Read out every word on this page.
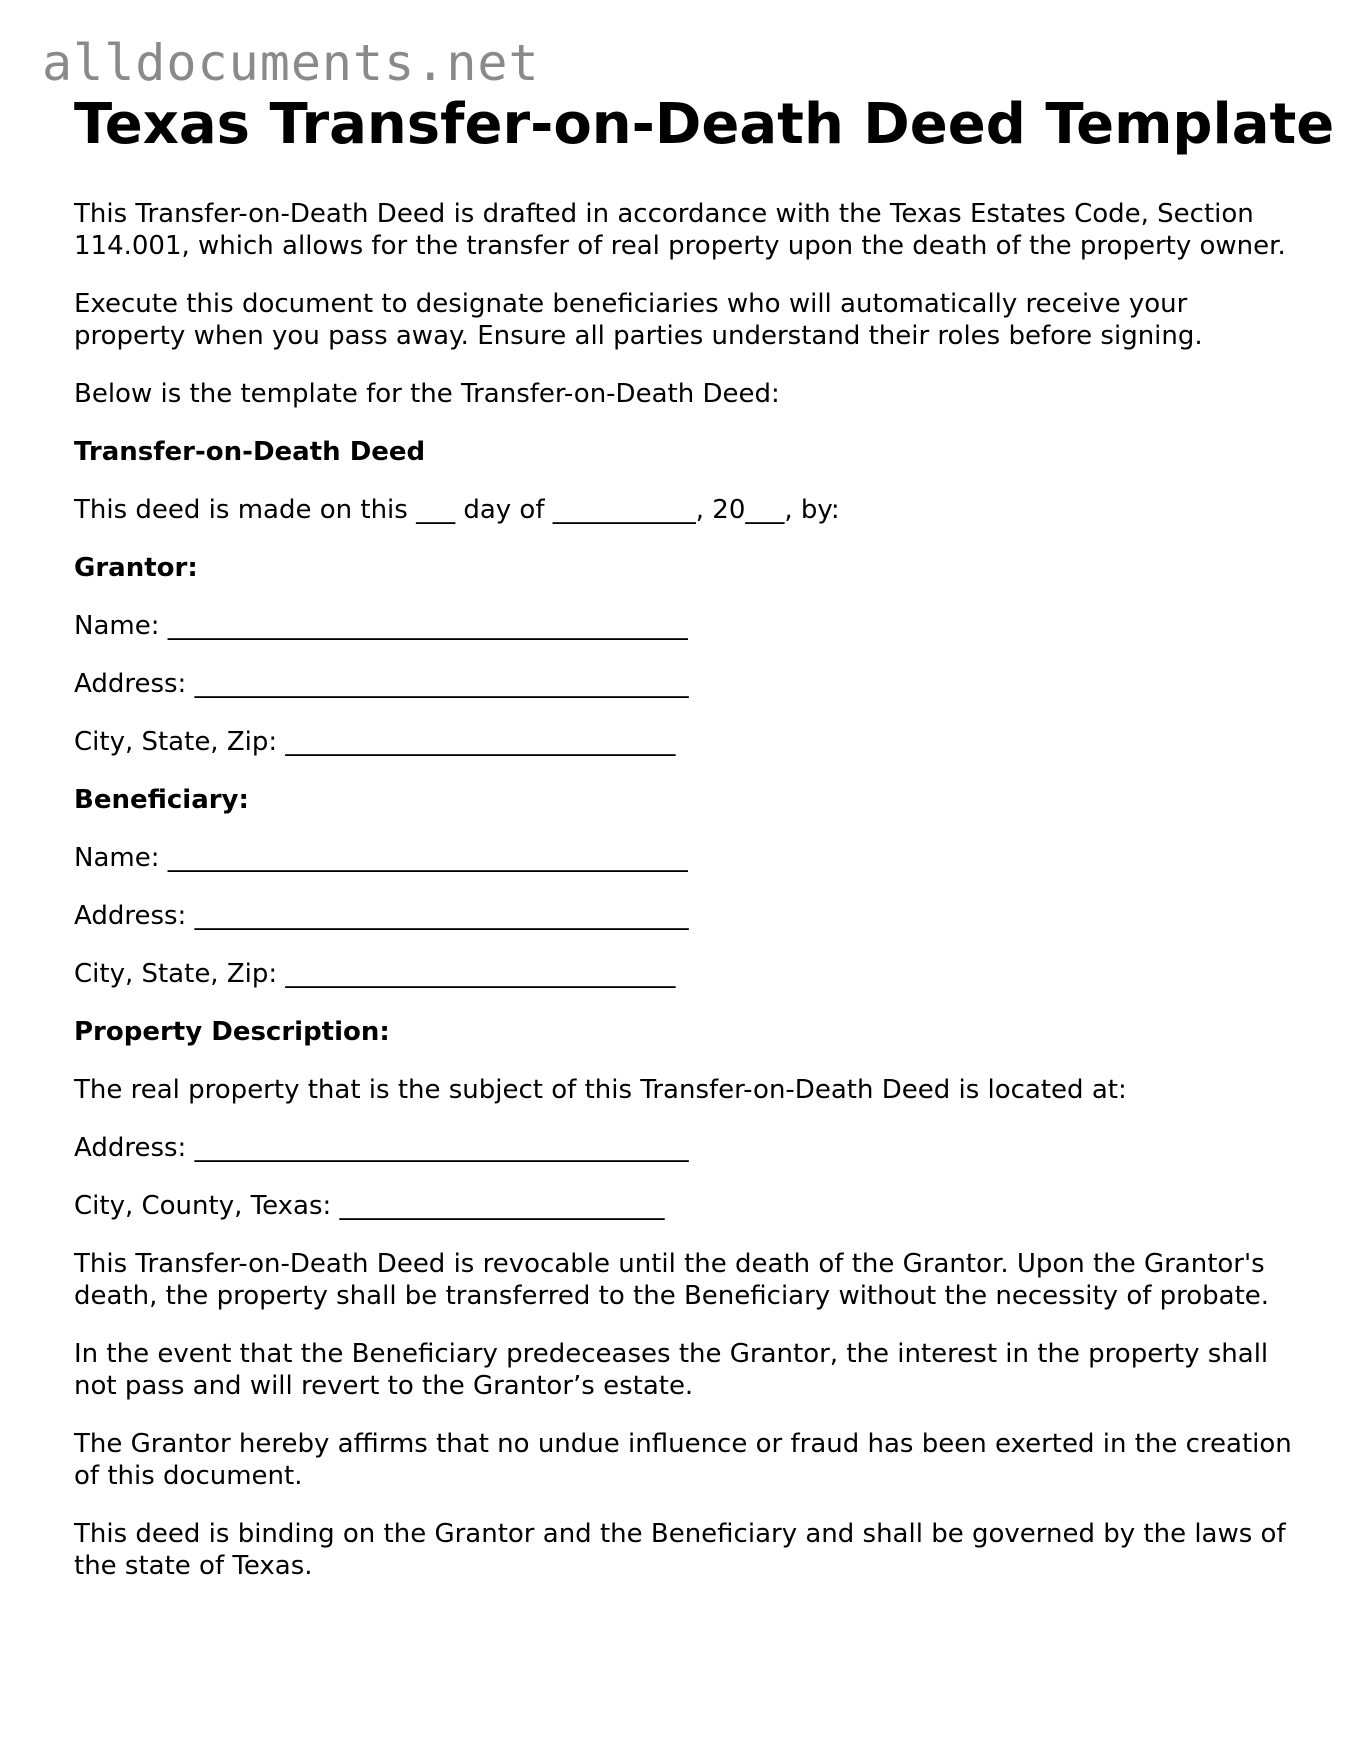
alldocuments.net
Texas Transfer-on-Death Deed Template

This Transfer-on-Death Deed is drafted in accordance with the Texas Estates Code, Section 114.001, which allows for the transfer of real property upon the death of the property owner.

Execute this document to designate beneficiaries who will automatically receive your property when you pass away. Ensure all parties understand their roles before signing.

Below is the template for the Transfer-on-Death Deed:

Transfer-on-Death Deed

This deed is made on this ___ day of ___________, 20___, by:

Grantor:

Name: ________________________________________

Address: ______________________________________

City, State, Zip: ______________________________

Beneficiary:

Name: ________________________________________

Address: ______________________________________

City, State, Zip: ______________________________

Property Description:

The real property that is the subject of this Transfer-on-Death Deed is located at:

Address: ______________________________________

City, County, Texas: _________________________

This Transfer-on-Death Deed is revocable until the death of the Grantor. Upon the Grantor's death, the property shall be transferred to the Beneficiary without the necessity of probate.

In the event that the Beneficiary predeceases the Grantor, the interest in the property shall not pass and will revert to the Grantor’s estate.

The Grantor hereby affirms that no undue influence or fraud has been exerted in the creation of this document.

This deed is binding on the Grantor and the Beneficiary and shall be governed by the laws of the state of Texas.
